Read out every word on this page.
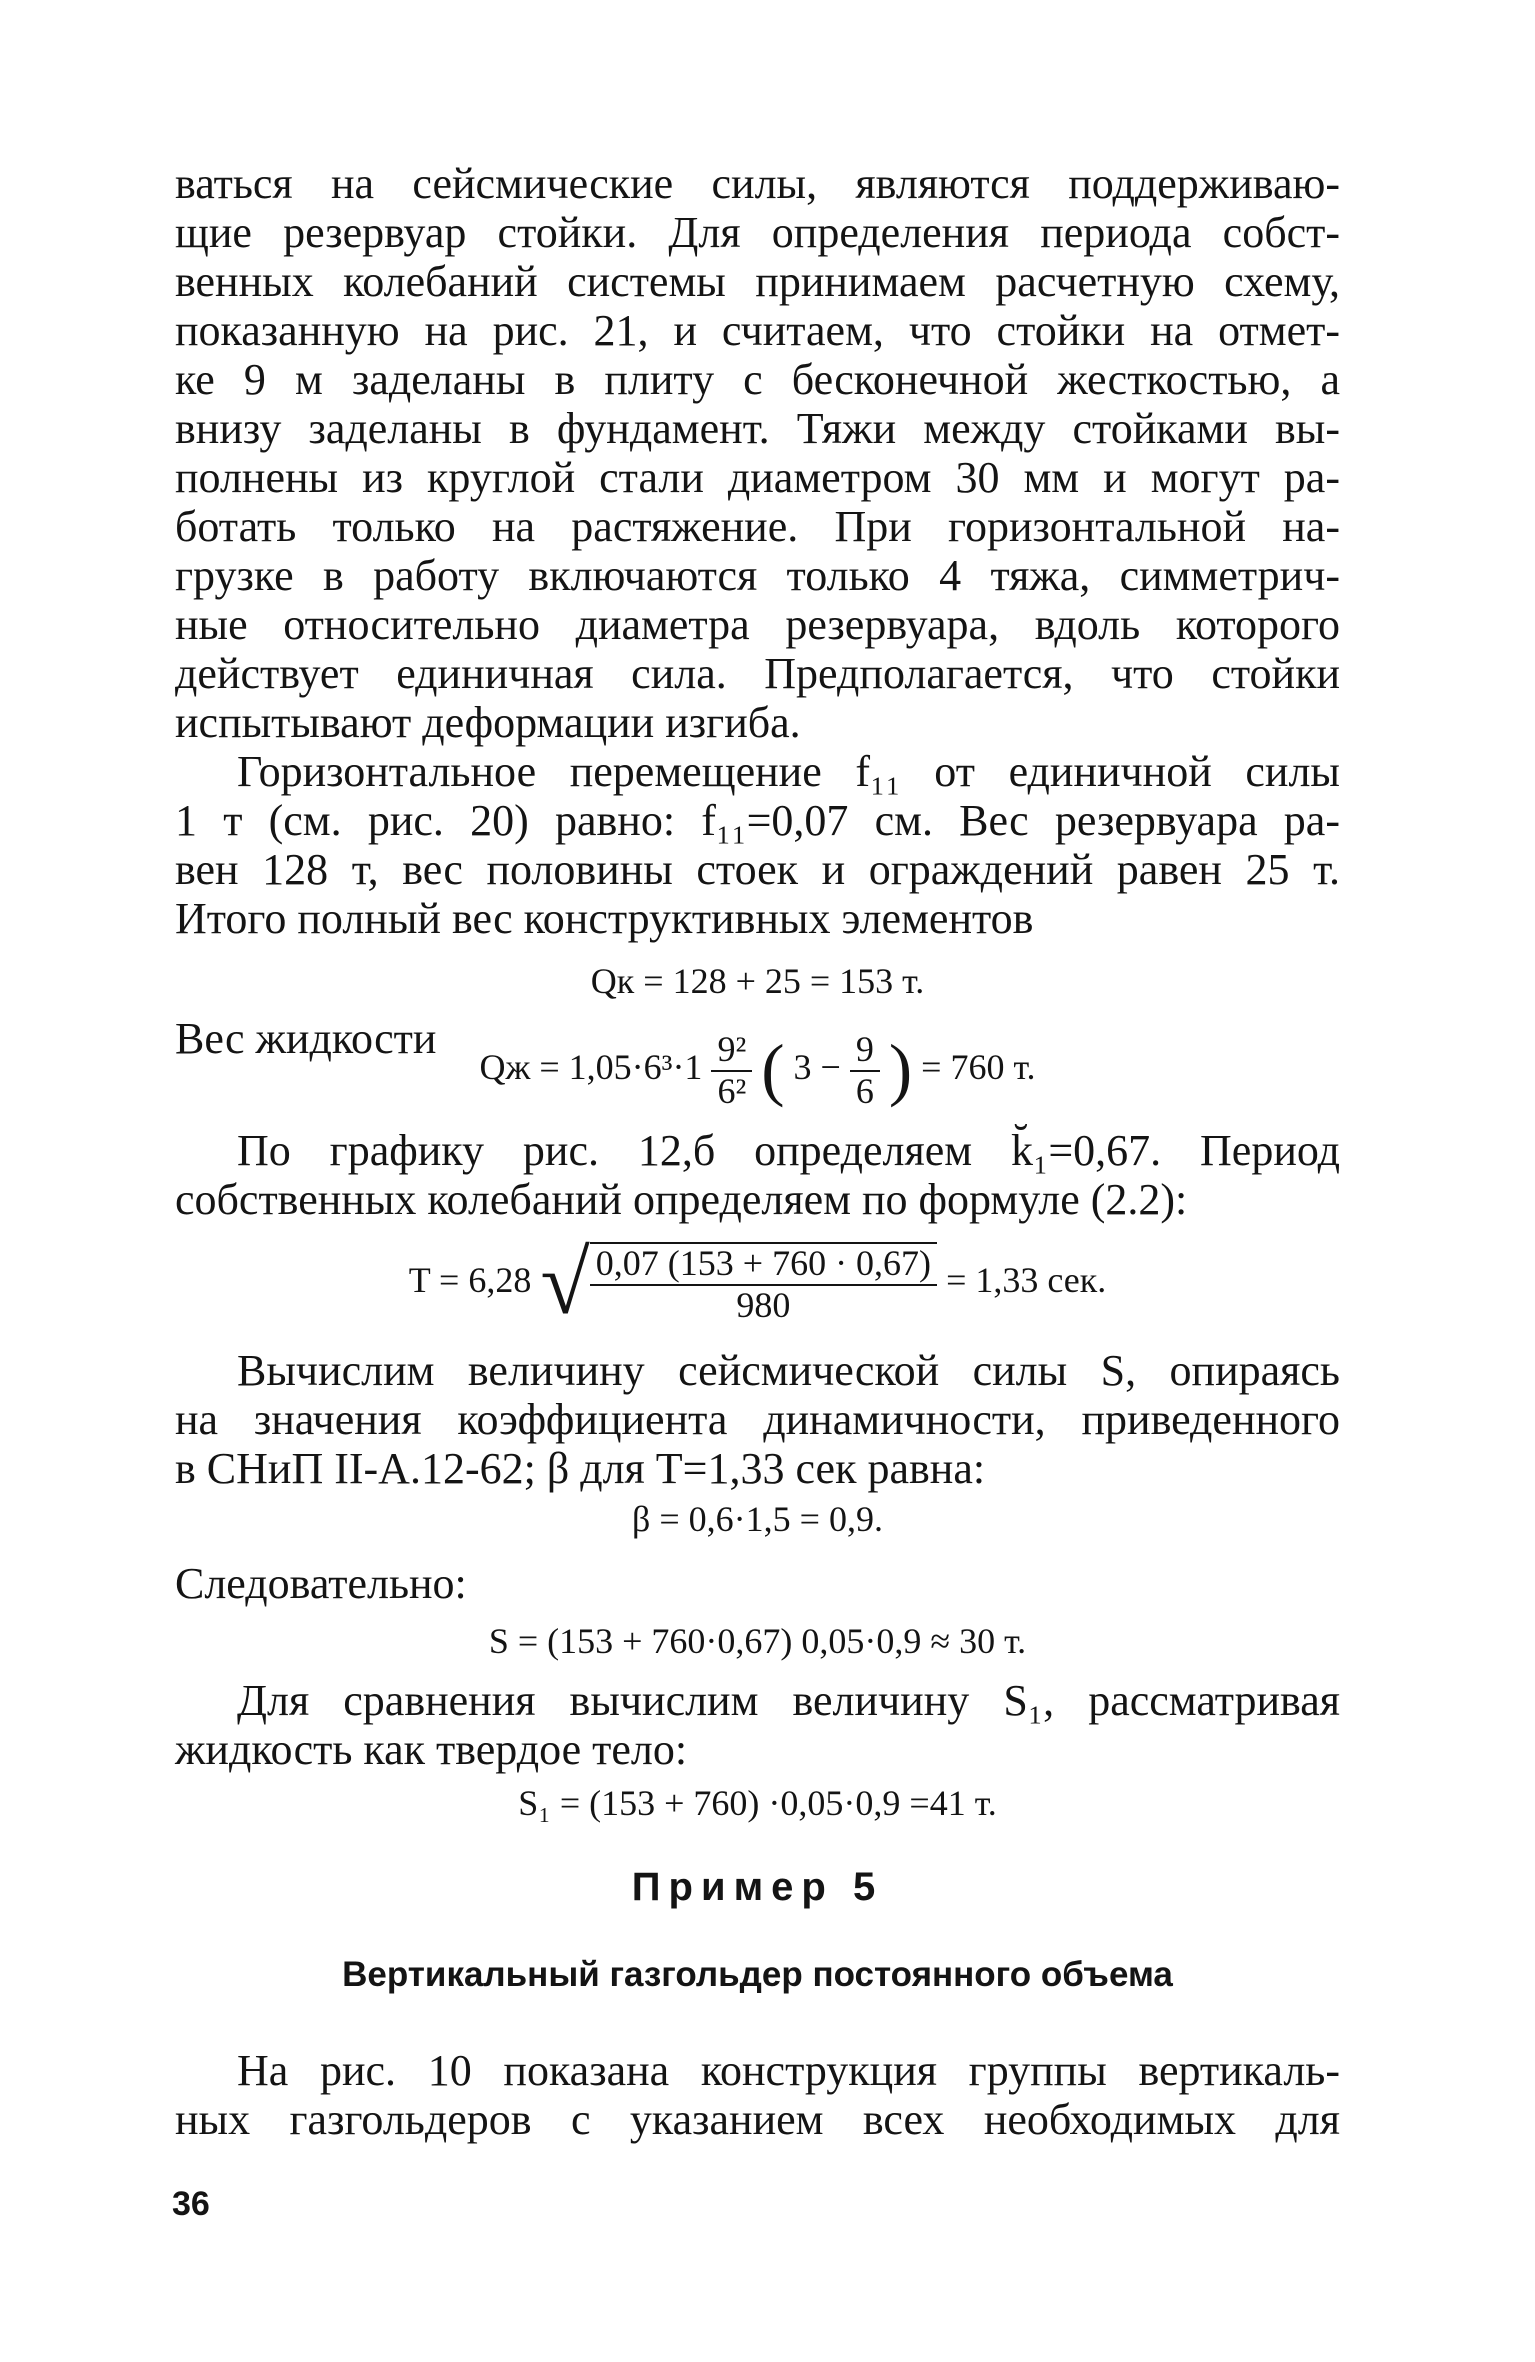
ваться на сейсмические силы, являются поддерживаю-
щие резервуар стойки. Для определения периода собст-
венных колебаний системы принимаем расчетную схему,
показанную на рис. 21, и считаем, что стойки на отмет-
ке 9 м заделаны в плиту с бесконечной жесткостью, а
внизу заделаны в фундамент. Тяжи между стойками вы-
полнены из круглой стали диаметром 30 мм и могут ра-
ботать только на растяжение. При горизонтальной на-
грузке в работу включаются только 4 тяжа, симметрич-
ные относительно диаметра резервуара, вдоль которого
действует единичная сила. Предполагается, что стойки
испытывают деформации изгиба.
Горизонтальное перемещение f₁₁ от единичной силы
1 т (см. рис. 20) равно: f₁₁=0,07 см. Вес резервуара ра-
вен 128 т, вес половины стоек и ограждений равен 25 т.
Итого полный вес конструктивных элементов
Qк = 128 + 25 = 153 т.
Вес жидкости
Qж = $1,05\cdot 6^3\cdot 1 \frac{\text{9²}}{\text{6²}}$ ( $3 - \frac{9}{6}$ ) = 760 т.
По графику рис. 12,б определяем k̆₁=0,67. Период
собственных колебаний определяем по формуле (2.2):
T = 6,28 √ $\frac{0,07 (153 + 760 \cdot 0,67)}{980} = 1,33$ сек.
Вычислим величину сейсмической силы S, опираясь
на значения коэффициента динамичности, приведенного
в СНиП II-А.12-62; β для T=1,33 сек равна:
β = 0,6·1,5 = 0,9.
Следовательно:
S = (153 + 760·0,67) 0,05·0,9 ≈ 30 т.
Для сравнения вычислим величину S₁, рассматривая
жидкость как твердое тело:
S₁ = (153 + 760) ·0,05·0,9 =41 т.
Пример 5
Вертикальный газгольдер постоянного объема
На рис. 10 показана конструкция группы вертикаль-
ных газгольдеров с указанием всех необходимых для
36
